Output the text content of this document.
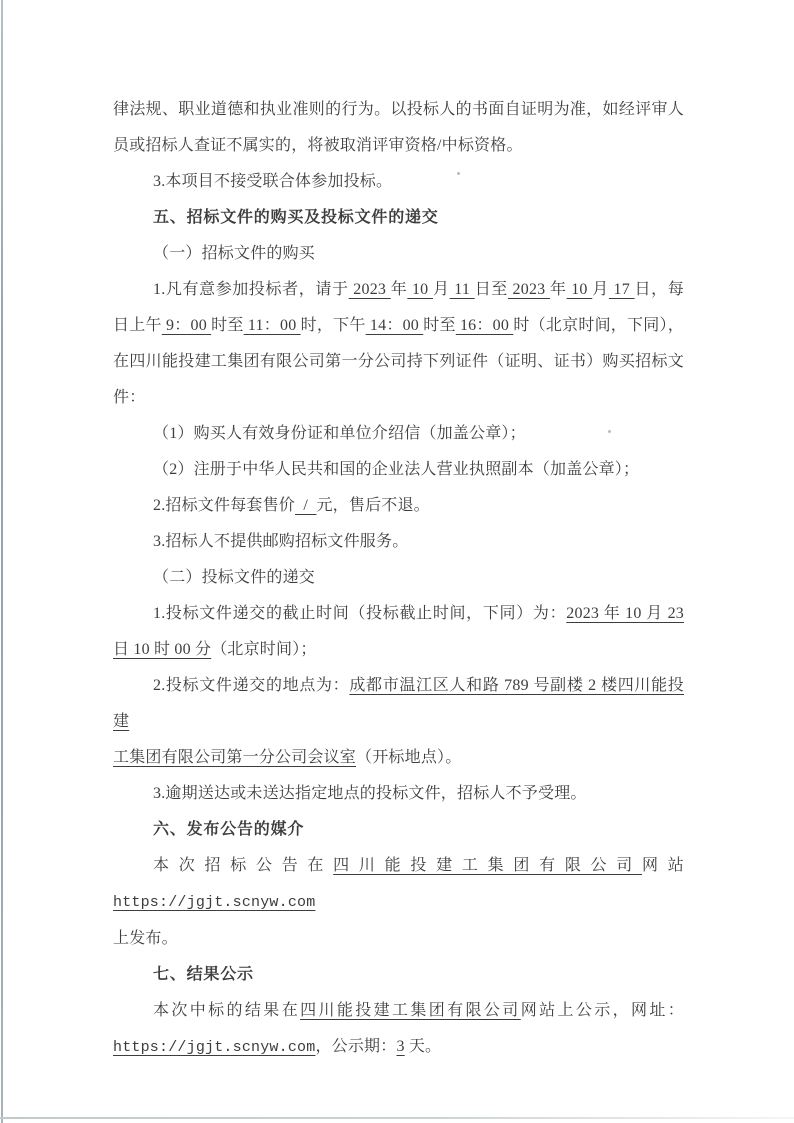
律法规、职业道德和执业准则的行为。以投标人的书面自证明为准，如经评审人
员或招标人查证不属实的，将被取消评审资格/中标资格。
3.本项目不接受联合体参加投标。
五、招标文件的购买及投标文件的递交
（一）招标文件的购买
1.凡有意参加投标者，请于 2023 年 10 月 11 日至 2023 年 10 月 17 日，每
日上午 9：00 时至 11：00 时，下午 14：00 时至 16：00 时（北京时间，下同），
在四川能投建工集团有限公司第一分公司持下列证件（证明、证书）购买招标文
件：
（1）购买人有效身份证和单位介绍信（加盖公章）；
（2）注册于中华人民共和国的企业法人营业执照副本（加盖公章）；
2.招标文件每套售价  /  元，售后不退。
3.招标人不提供邮购招标文件服务。
（二）投标文件的递交
1.投标文件递交的截止时间（投标截止时间，下同）为：2023 年 10 月 23
日 10 时 00 分（北京时间）；
2.投标文件递交的地点为：成都市温江区人和路 789 号副楼 2 楼四川能投建
工集团有限公司第一分公司会议室（开标地点）。
3.逾期送达或未送达指定地点的投标文件，招标人不予受理。
六、发布公告的媒介
本次招标公告在四川能投建工集团有限公司网站 https://jgjt.scnyw.com
上发布。
七、结果公示
本次中标的结果在四川能投建工集团有限公司网站上公示，网址：
https://jgjt.scnyw.com，公示期：3 天。
